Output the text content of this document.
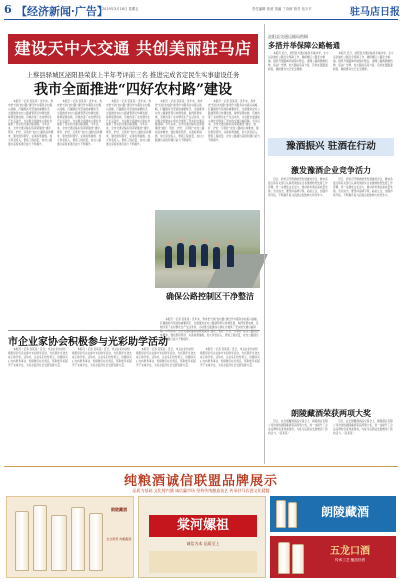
6 【经济新闻·广告】
2019年3月18日 星期五	责任编辑 张意 美编 丁诗研 校对 伍少平	驻马店日报
建设天中大交通 共创美丽驻马店
上蔡县驿城区泌阳县荣获上半年考评前三名 推进完成省定民生实事建设任务
我市全面推进“四好农村路”建设

本报讯（记者 张某某）近年来，我市把“四好农村路”建设作为服务乡村振兴战略、打赢脱贫攻坚战的重要抓手，全面推进农村公路建管养运协调发展，取得显著成效，有效改善了农村群众生产生活条件，为决胜全面建成小康社会提供了坚实的交通运输保障。今年以来，全市交通运输系统紧紧围绕“建好、管好、护好、运营好”农村公路的总体要求，强化组织领导，完善政策措施，加大资金投入，狠抓工程质量，农村公路通达深度和通行能力不断提升。

本报讯（记者 张某某）近年来，我市把“四好农村路”建设作为服务乡村振兴战略、打赢脱贫攻坚战的重要抓手，全面推进农村公路建管养运协调发展，取得显著成效，有效改善了农村群众生产生活条件，为决胜全面建成小康社会提供了坚实的交通运输保障。今年以来，全市交通运输系统紧紧围绕“建好、管好、护好、运营好”农村公路的总体要求，强化组织领导，完善政策措施，加大资金投入，狠抓工程质量，农村公路通达深度和通行能力不断提升。

本报讯（记者 张某某）近年来，我市把“四好农村路”建设作为服务乡村振兴战略、打赢脱贫攻坚战的重要抓手，全面推进农村公路建管养运协调发展，取得显著成效，有效改善了农村群众生产生活条件，为决胜全面建成小康社会提供了坚实的交通运输保障。今年以来，全市交通运输系统紧紧围绕“建好、管好、护好、运营好”农村公路的总体要求，强化组织领导，完善政策措施，加大资金投入，狠抓工程质量，农村公路通达深度和通行能力不断提升。

本报讯（记者 张某某）近年来，我市把“四好农村路”建设作为服务乡村振兴战略、打赢脱贫攻坚战的重要抓手，全面推进农村公路建管养运协调发展，取得显著成效，有效改善了农村群众生产生活条件，为决胜全面建成小康社会提供了坚实的交通运输保障。今年以来，全市交通运输系统紧紧围绕“建好、管好、护好、运营好”农村公路的总体要求，强化组织领导，完善政策措施，加大资金投入，狠抓工程质量，农村公路通达深度和通行能力不断提升。

本报讯（记者 张某某）近年来，我市把“四好农村路”建设作为服务乡村振兴战略、打赢脱贫攻坚战的重要抓手，全面推进农村公路建管养运协调发展，取得显著成效，有效改善了农村群众生产生活条件，为决胜全面建成小康社会提供了坚实的交通运输保障。今年以来，全市交通运输系统紧紧围绕“建好、管好、护好、运营好”农村公路的总体要求，强化组织领导，完善政策措施，加大资金投入，狠抓工程质量，农村公路通达深度和通行能力不断提升。

确保公路控制区干净整洁

本报讯（记者 张某某）近年来，我市把“四好农村路”建设作为服务乡村振兴战略、打赢脱贫攻坚战的重要抓手，全面推进农村公路建管养运协调发展，取得显著成效，有效改善了农村群众生产生活条件，为决胜全面建成小康社会提供了坚实的交通运输保障。今年以来，全市交通运输系统紧紧围绕“建好、管好、护好、运营好”农村公路的总体要求，强化组织领导，完善政策措施，加大资金投入，狠抓工程质量，农村公路通达深度和通行能力不断提升。

泌阳县交通运输局供稿
多措并举保障公路畅通

本报讯 近日，泌阳县交通运输局多措并举，全力以赴做好公路安全保障工作，确保辖区公路安全畅通。组织开展路域环境集中整治，清理公路两侧堆积物、违法广告牌，加大路政巡查力度，及时处置路面病害，确保群众出行安全便捷。

本报讯 近日，泌阳县交通运输局多措并举，全力以赴做好公路安全保障工作，确保辖区公路安全畅通。组织开展路域环境集中整治，清理公路两侧堆积物、违法广告牌，加大路政巡查力度，及时处置路面病害，确保群众出行安全便捷。

豫酒振兴 驻酒在行动
激发豫酒企业竞争活力

近日，我市召开豫酒转型发展推进会议，要求各县区和有关部门认真贯彻落实全省豫酒转型发展工作部署，进一步激发企业活力，推动我市酒业高质量发展。会议指出，要坚持品牌引领、品质立企，加强市场开拓，不断提升驻马店酒企的影响力和竞争力。

近日，我市召开豫酒转型发展推进会议，要求各县区和有关部门认真贯彻落实全省豫酒转型发展工作部署，进一步激发企业活力，推动我市酒业高质量发展。会议指出，要坚持品牌引领、品质立企，加强市场开拓，不断提升驻马店酒企的影响力和竞争力。

朗陵藏酒荣获两项大奖

近日，在全国糖酒商品交易会上，朗陵酒业有限公司选送的朗陵藏酒荣获两项大奖，进一步提升了企业品牌知名度和美誉度，为驻马店酒业发展增添了新的活力。（张某某）

近日，在全国糖酒商品交易会上，朗陵酒业有限公司选送的朗陵藏酒荣获两项大奖，进一步提升了企业品牌知名度和美誉度，为驻马店酒业发展增添了新的活力。（张某某）

市企业家协会积极参与光彩助学活动

本报讯（记者 张某某）近日，市企业家协会积极组织会员企业参与光彩助学活动，为贫困学生送去爱心助学金。活动中，企业家们纷纷表示，将继续关心支持教育事业，积极履行社会责任，帮助更多贫困学子完成学业，为家乡经济社会发展贡献力量。

本报讯（记者 张某某）近日，市企业家协会积极组织会员企业参与光彩助学活动，为贫困学生送去爱心助学金。活动中，企业家们纷纷表示，将继续关心支持教育事业，积极履行社会责任，帮助更多贫困学子完成学业，为家乡经济社会发展贡献力量。

本报讯（记者 张某某）近日，市企业家协会积极组织会员企业参与光彩助学活动，为贫困学生送去爱心助学金。活动中，企业家们纷纷表示，将继续关心支持教育事业，积极履行社会责任，帮助更多贫困学子完成学业，为家乡经济社会发展贡献力量。

本报讯（记者 张某某）近日，市企业家协会积极组织会员企业参与光彩助学活动，为贫困学生送去爱心助学金。活动中，企业家们纷纷表示，将继续关心支持教育事业，积极履行社会责任，帮助更多贫困学子完成学业，为家乡经济社会发展贡献力量。

纯粮酒诚信联盟品牌展示
品质为基础 文化铸内涵 诚信赢市场 坚持传统酿造技艺 传承驻马店酒文化精髓
朗陵藏酒
生态原浆·纯粮酿造
棠河嫘祖
诚信为本 品质至上
朗陵藏酒
五龙口酒
传承工艺 酿造好酒
